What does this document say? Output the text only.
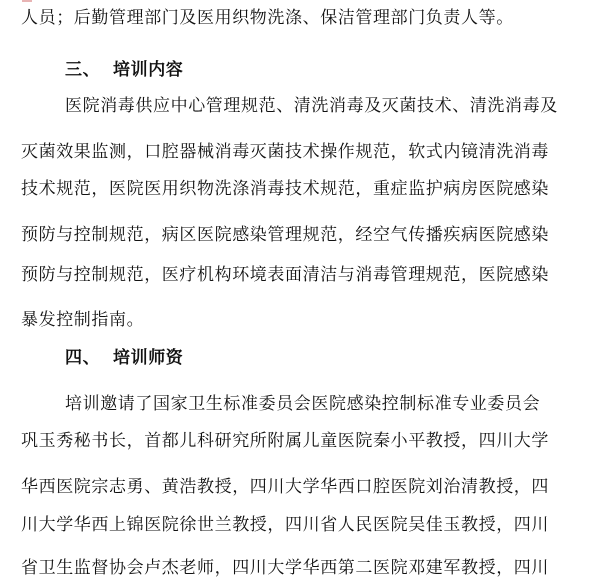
人员；后勤管理部门及医用织物洗涤、保洁管理部门负责人等。
三、 培训内容
医院消毒供应中心管理规范、清洗消毒及灭菌技术、清洗消毒及
灭菌效果监测，口腔器械消毒灭菌技术操作规范，软式内镜清洗消毒
技术规范，医院医用织物洗涤消毒技术规范，重症监护病房医院感染
预防与控制规范，病区医院感染管理规范，经空气传播疾病医院感染
预防与控制规范，医疗机构环境表面清洁与消毒管理规范，医院感染
暴发控制指南。
四、 培训师资
培训邀请了国家卫生标准委员会医院感染控制标准专业委员会
巩玉秀秘书长，首都儿科研究所附属儿童医院秦小平教授，四川大学
华西医院宗志勇、黄浩教授，四川大学华西口腔医院刘治清教授，四
川大学华西上锦医院徐世兰教授，四川省人民医院吴佳玉教授，四川
省卫生监督协会卢杰老师，四川大学华西第二医院邓建军教授，四川
